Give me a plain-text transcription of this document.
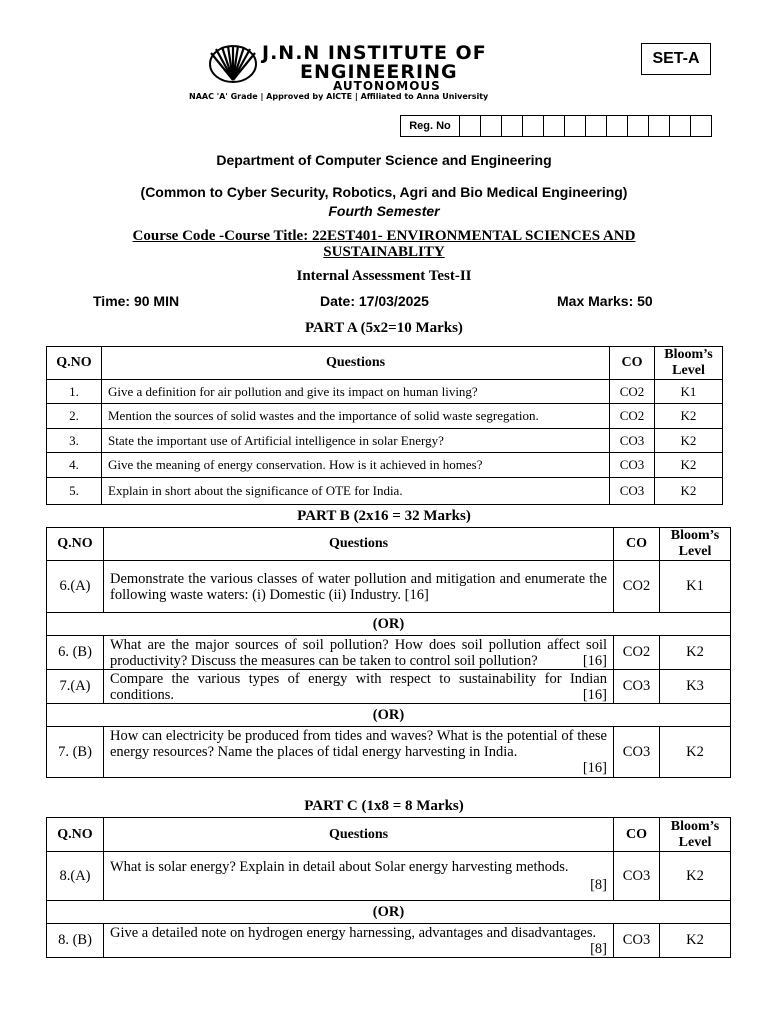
J.N.N INSTITUTE OF
ENGINEERING
AUTONOMOUS
NAAC 'A' Grade | Approved by AICTE | Affiliated to Anna University
SET-A
Reg. No												
Department of Computer Science and Engineering
(Common to Cyber Security, Robotics, Agri and Bio Medical Engineering)
Fourth Semester
Course Code -Course Title: 22EST401- ENVIRONMENTAL SCIENCES AND SUSTAINABLITY
Internal Assessment Test-II
Time: 90 MIN	Date: 17/03/2025	Max Marks: 50
PART A (5x2=10 Marks)
Q.NO	Questions	CO	Bloom’s Level
1.	Give a definition for air pollution and give its impact on human living?	CO2	K1
2.	Mention the sources of solid wastes and the importance of solid waste segregation.	CO2	K2
3.	State the important use of Artificial intelligence in solar Energy?	CO3	K2
4.	Give the meaning of energy conservation. How is it achieved in homes?	CO3	K2
5.	Explain in short about the significance of OTE for India.	CO3	K2
PART B (2x16 = 32 Marks)
Q.NO	Questions	CO	Bloom’s Level
6.(A)	Demonstrate the various classes of water pollution and mitigation and enumerate the following waste waters: (i) Domestic (ii) Industry. [16]	CO2	K1
(OR)			
6. (B)	What are the major sources of soil pollution? How does soil pollution affect soil productivity? Discuss the measures can be taken to control soil pollution? [16]	CO2	K2
7.(A)	Compare the various types of energy with respect to sustainability for Indian conditions. [16]	CO3	K3
(OR)			
7. (B)	How can electricity be produced from tides and waves? What is the potential of these energy resources? Name the places of tidal energy harvesting in India.
[16]	CO3	K2
PART C (1x8 = 8 Marks)
Q.NO	Questions	CO	Bloom’s Level
8.(A)	What is solar energy? Explain in detail about Solar energy harvesting methods.
[8]	CO3	K2
(OR)			
8. (B)	Give a detailed note on hydrogen energy harnessing, advantages and disadvantages.
[8]	CO3	K2
